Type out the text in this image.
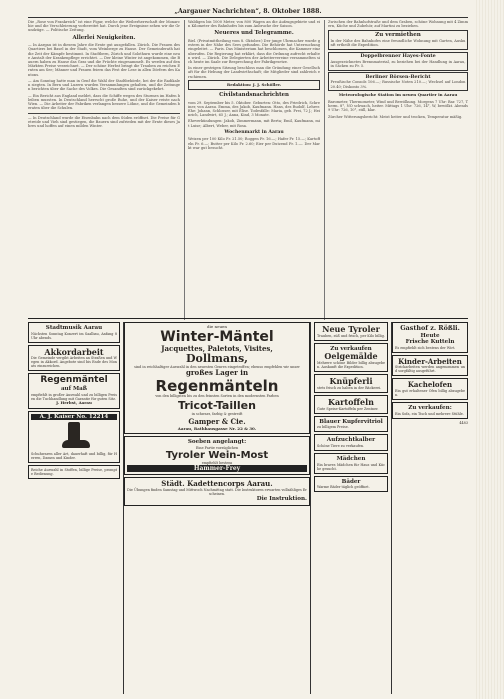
„Aargauer Nachrichten“, 8. Oktober 1888.
Die „Rose von Frankreich“ ist eine Figur, welche die Weiberherrschaft der Monarchie und die Verschleierung vorbereitet hat. Durch jene Ereignisse sehen wir die Grundzüge. — Politische Zeitung.
Allerlei Neuigkeiten.
— In Aargau ist in diesem Jahre die Ernte gut ausgefallen. Zürich. Die Frauen des Quartiers bei Basel in der Stadt, vom Weinberge zu Hause. Der Gemeinderath hat die Zeit der Kämpfe bestimmt. In Stadtbern, Zürich und Solothurn wurde eine neue Anstalt der Krankenpflege errichtet. — Der kleine Winter ist angekommen, die Bauern haben zu Hause das Gras und die Früchte eingesammelt. Es werden auf den Märkten Preise verzeichnet. — Der schöne Herbst bringt die Trauben zu reichen Ernten am See; Männer und Frauen feiern das Fest der Lese in allen Dörfern des Kantons.
— Am Sonntag hatte man in Genf die Wahl der Stadtbehörde, bei der die Radikalen siegten. In Bern und Luzern wurden Versammlungen gehalten, und die Zeitungen berichten über die Sache des Volkes. Die Gesandten sind zurückgekehrt.
— Ein Bericht aus England meldet, dass die Schiffe wegen des Sturmes im Hafen bleiben mussten. In Deutschland herrscht große Ruhe, und der Kaiser reiste nach Wien. — Die Arbeiter der Fabriken verlangen bessere Löhne, und die Gemeinden beraten über die Schulen.
— In Deutschland wurde die Eisenbahn nach dem Süden eröffnet. Die Preise für Getreide und Vieh sind gestiegen, die Bauern sind zufrieden mit der Ernte dieses Jahres und hoffen auf einen milden Winter.
Waldigen bis 1000 Meter, von 800 Wagen an die Aufzugsgebiete und ein Kilometer des Bahnhofes bis zum Anbruche der Saison.
Neueres und Telegramme.
Biel. (Privatmittheilung vom 8. Oktober.) Der junge Uhrmacher wurde gestern in der Nähe des Sees gefunden. Die Behörde hat Untersuchung eingeleitet. — Paris. Das Ministerium hat beschlossen, die Kammer einzuberufen. Die Regierung hat erklärt, dass die Ordnung aufrecht erhalten wird. — Zürich. Die Delegierten der Arbeitervereine versammelten sich heute im Saale zur Besprechung der Fabrikgesetze.
In einer gestrigen Sitzung beschloss man die Gründung einer Gesellschaft für die Hebung der Landwirthschaft; die Mitglieder sind zahlreich erschienen.
Redaktion: J. J. Schöller.
Civilstandsnachrichten
vom 29. September bis 5. Oktober. Geburten: Otto, des Friedrich, Schreiner, von Aarau. Emma, des Jakob, Kaufmann. Hans, des Rudolf, Lehrer. Ehe: Johann, Schlosser, mit Elise. Todesfälle: Maria, geb. Frei, 72 J.; Heinrich, Landwirt, 65 J.; Anna, Kind, 3 Monate.
Eheverkündungen: Jakob, Zimmermann, mit Berta; Emil, Kaufmann, mit Luise; Albert, Weber, mit Rosa.
Wochenmarkt in Aarau
Weizen per 100 Kilo Fr. 21.50; Roggen Fr. 16.—; Hafer Fr. 15.—; Kartoffeln Fr. 6.—; Butter per Kilo Fr. 2.60; Eier per Dutzend Fr. 1.—. Der Markt war gut besucht.
Zwischen der Bahnhofstraße und dem Graben, schöne Wohnung mit 4 Zimmern, Küche und Zubehör, auf Martini zu beziehen.
Zu vermiethen
In der Nähe des Bahnhofes eine freundliche Wohnung mit Garten, Auskunft ertheilt die Expedition.
Doppelbrenner Hayes-Fonte
Ausgezeichnetes Brennmaterial, zu beziehen bei der Handlung in Aarau, in Säcken zu Fr. 5.
Berliner Börsen-Bericht
Preußische Consols 106.—; Russische Noten 210.—; Wechsel auf London 20.40; Diskonto 3%.
Meteorologische Station im neuen Quartier in Aarau
Barometer, Thermometer, Wind und Bewölkung. Morgens 7 Uhr: Bar. 727, Therm. 8°, NO schwach, heiter. Mittags 1 Uhr: 726, 14°, W, bewölkt. Abends 9 Uhr: 726, 10°, still, klar.
Zürcher Witterungsbericht: Meist heiter und trocken, Temperatur mäßig.
Stadtmusik Aarau
Nächsten Sonntag Konzert im Saalbau, Anfang 8 Uhr abends.
Akkordarbeit
Die Gemeinde vergibt Arbeiten an Straßen und Wegen in Akkord. Angebote sind bis Ende des Monats einzureichen.
Regenmäntel
auf Maß
empfiehlt in großer Auswahl und zu billigen Preisen die Tuchhandlung mit Garantie für guten Sitz.
J. Herbst, Aarau
A. J. Kaiser No. 12214
Schuhwaren aller Art, dauerhaft und billig, für Herren, Damen und Kinder.
Reiche Auswahl in Stoffen, billige Preise, prompte Bedienung.
die neuen
Winter-Mäntel
Jacquettes, Paletots, Visites,
Dollmans,
sind in reichhaltiger Auswahl in den neuesten Genres eingetroffen; ebenso empfehlen wir unser
großes Lager in
Regenmänteln
von den billigsten bis zu den feinsten Sorten in den modernsten Farben
Tricot-Taillen
in schwarz, farbig & gestreift
Gamper & Cie.
Aarau, Rathhausgasse Nr. 22 & 30.
Soeben angelangt:
Eine Partie vorzüglichen
Tyroler Wein-Most
empfiehlt bestens
Hammer-Frey
Städt. Kadettencorps Aarau.
Die Übungen finden Samstag und Mittwoch Nachmittag statt. Die Instruktoren erwarten vollzähliges Erscheinen.
Die Instruktion.
Neue Tyroler
Trauben, süß und frisch, per Kilo billig.
Zu verkaufen
Oelgemälde
Mehrere schöne Bilder billig abzugeben. Auskunft die Expedition.
Knüpferli
stets frisch zu haben in der Bäckerei.
Kartoffeln
Gute Speise-Kartoffeln per Zentner.
Blauer Kupfervitriol
zu billigem Preise.
Aufzuchtkalber
Schöne Tiere zu verkaufen.
Mädchen
Ein braves Mädchen für Haus und Küche gesucht.
Bäder
Warme Bäder täglich geöffnet.
Gasthof z. Rößli.
Heute
Frische Kutteln
Es empfiehlt sich bestens der Wirt.
Kinder-Arbeiten
Strickarbeiten werden angenommen und sorgfältig ausgeführt.
Kachelofen
Ein gut erhaltener Ofen billig abzugeben.
Zu verkaufen:
Ein Sofa, ein Tisch und mehrere Stühle.
4483
